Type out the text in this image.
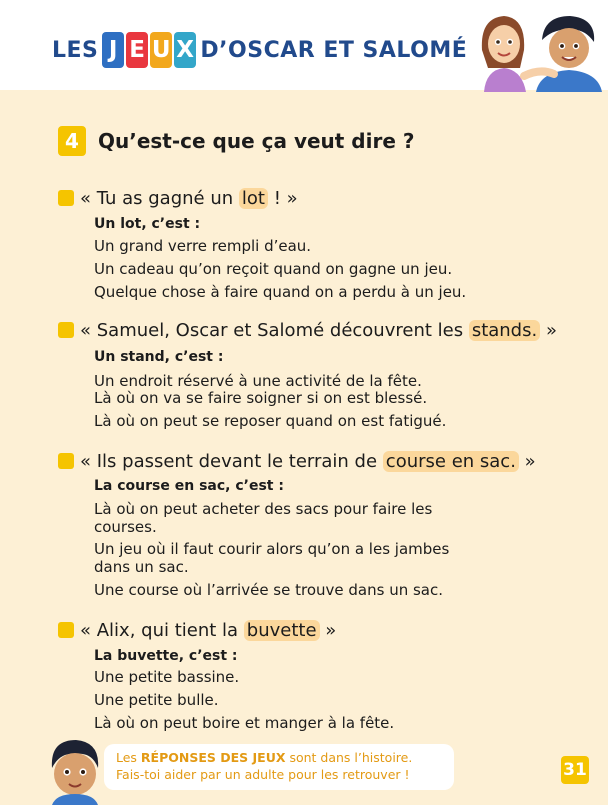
LES J E U X D’OSCAR ET SALOMÉ
4 Qu’est-ce que ça veut dire ?
« Tu as gagné un lot ! »
Un lot, c’est :
Un grand verre rempli d’eau.
Un cadeau qu’on reçoit quand on gagne un jeu.
Quelque chose à faire quand on a perdu à un jeu.
« Samuel, Oscar et Salomé découvrent les stands. »
Un stand, c’est :
Un endroit réservé à une activité de la fête.
Là où on va se faire soigner si on est blessé.
Là où on peut se reposer quand on est fatigué.
« Ils passent devant le terrain de course en sac. »
La course en sac, c’est :
Là où on peut acheter des sacs pour faire les
courses.
Un jeu où il faut courir alors qu’on a les jambes
dans un sac.
Une course où l’arrivée se trouve dans un sac.
« Alix, qui tient la buvette »
La buvette, c’est :
Une petite bassine.
Une petite bulle.
Là où on peut boire et manger à la fête.
Les RÉPONSES DES JEUX sont dans l’histoire.
Fais-toi aider par un adulte pour les retrouver !	31
